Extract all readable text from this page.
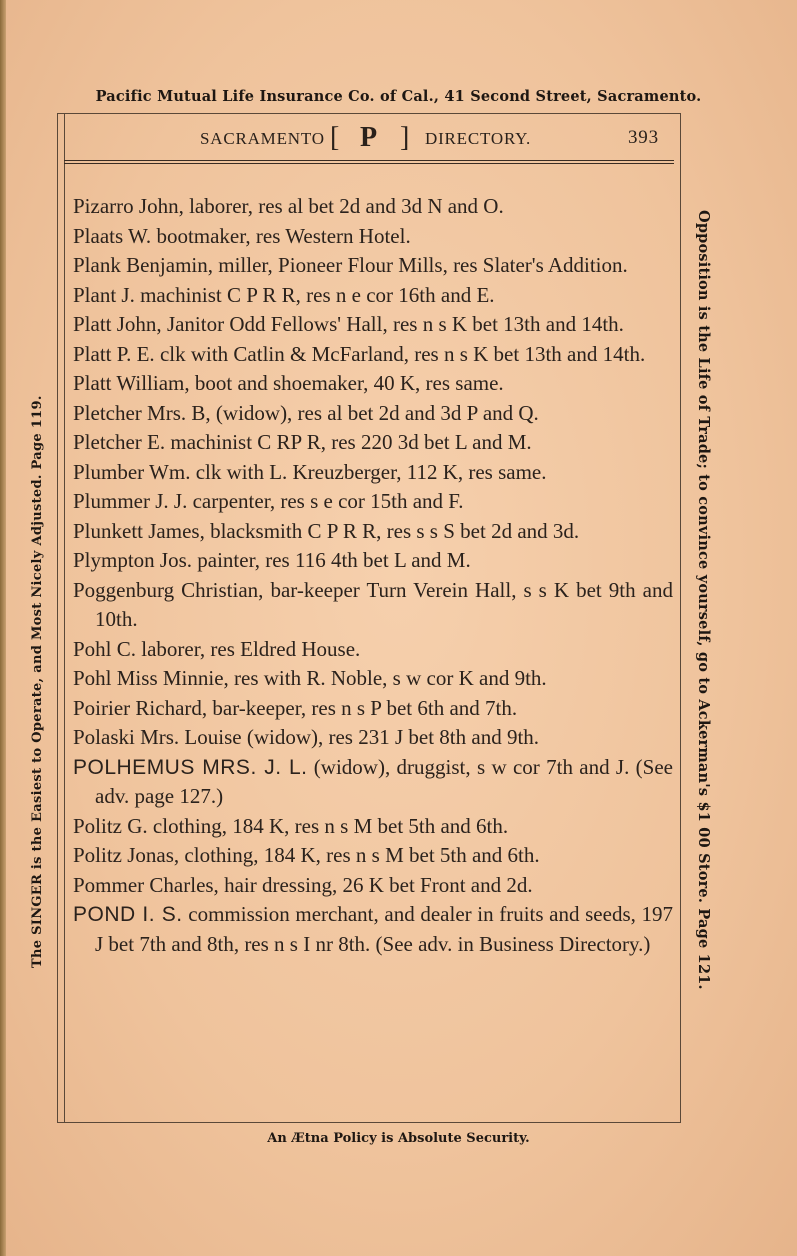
Pacific Mutual Life Insurance Co. of Cal., 41 Second Street, Sacramento.
The SINGER is the Easiest to Operate, and Most Nicely Adjusted. Page 119.	Opposition is the Life of Trade; to convince yourself, go to Ackerman's $1 00 Store. Page 121.
SACRAMENTO [ P ] DIRECTORY.	393

Pizarro John, laborer, res al bet 2d and 3d N and O.

Plaats W. bootmaker, res Western Hotel.

Plank Benjamin, miller, Pioneer Flour Mills, res Slater's Addition.

Plant J. machinist C P R R, res n e cor 16th and E.

Platt John, Janitor Odd Fellows' Hall, res n s K bet 13th and 14th.

Platt P. E. clk with Catlin & McFarland, res n s K bet 13th and 14th.

Platt William, boot and shoemaker, 40 K, res same.

Pletcher Mrs. B, (widow), res al bet 2d and 3d P and Q.

Pletcher E. machinist C RP R, res 220 3d bet L and M.

Plumber Wm. clk with L. Kreuzberger, 112 K, res same.

Plummer J. J. carpenter, res s e cor 15th and F.

Plunkett James, blacksmith C P R R, res s s S bet 2d and 3d.

Plympton Jos. painter, res 116 4th bet L and M.

Poggenburg Christian, bar-keeper Turn Verein Hall, s s K bet 9th and 10th.

Pohl C. laborer, res Eldred House.

Pohl Miss Minnie, res with R. Noble, s w cor K and 9th.

Poirier Richard, bar-keeper, res n s P bet 6th and 7th.

Polaski Mrs. Louise (widow), res 231 J bet 8th and 9th.

POLHEMUS MRS. J. L. (widow), druggist, s w cor 7th and J. (See adv. page 127.)

Politz G. clothing, 184 K, res n s M bet 5th and 6th.

Politz Jonas, clothing, 184 K, res n s M bet 5th and 6th.

Pommer Charles, hair dressing, 26 K bet Front and 2d.

POND I. S. commission merchant, and dealer in fruits and seeds, 197 J bet 7th and 8th, res n s I nr 8th. (See adv. in Business Directory.)

An Ætna Policy is Absolute Security.
